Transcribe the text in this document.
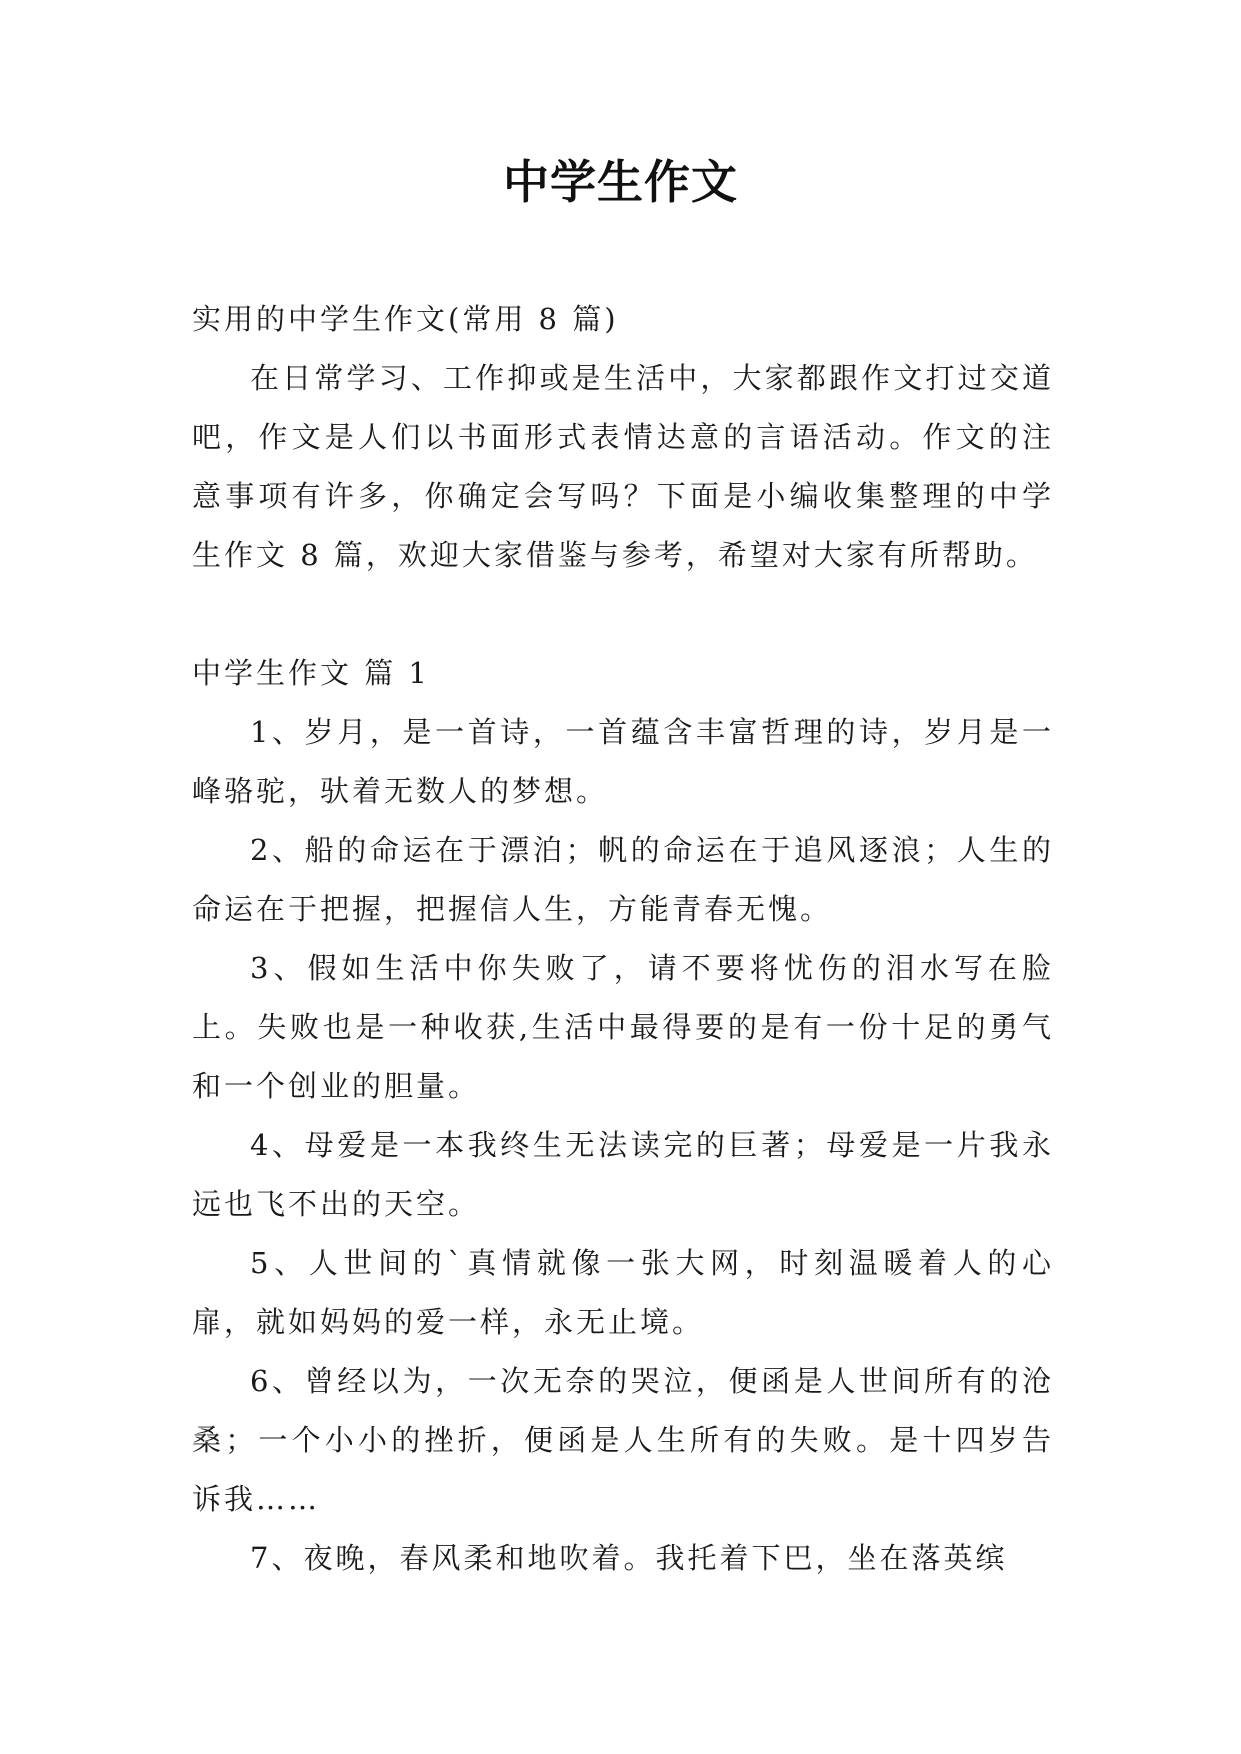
中学生作文

实用的中学生作文(常用 8 篇)

在日常学习、工作抑或是生活中，大家都跟作文打过交道吧，作文是人们以书面形式表情达意的言语活动。作文的注意事项有许多，你确定会写吗？下面是小编收集整理的中学生作文 8 篇，欢迎大家借鉴与参考，希望对大家有所帮助。

中学生作文 篇 1

1、岁月，是一首诗，一首蕴含丰富哲理的诗，岁月是一峰骆驼，驮着无数人的梦想。

2、船的命运在于漂泊；帆的命运在于追风逐浪；人生的命运在于把握，把握信人生，方能青春无愧。

3、假如生活中你失败了，请不要将忧伤的泪水写在脸上。失败也是一种收获,生活中最得要的是有一份十足的勇气和一个创业的胆量。

4、母爱是一本我终生无法读完的巨著；母爱是一片我永远也飞不出的天空。

5、人世间的`真情就像一张大网，时刻温暖着人的心扉，就如妈妈的爱一样，永无止境。

6、曾经以为，一次无奈的哭泣，便函是人世间所有的沧桑；一个小小的挫折，便函是人生所有的失败。是十四岁告诉我……

7、夜晚，春风柔和地吹着。我托着下巴，坐在落英缤
